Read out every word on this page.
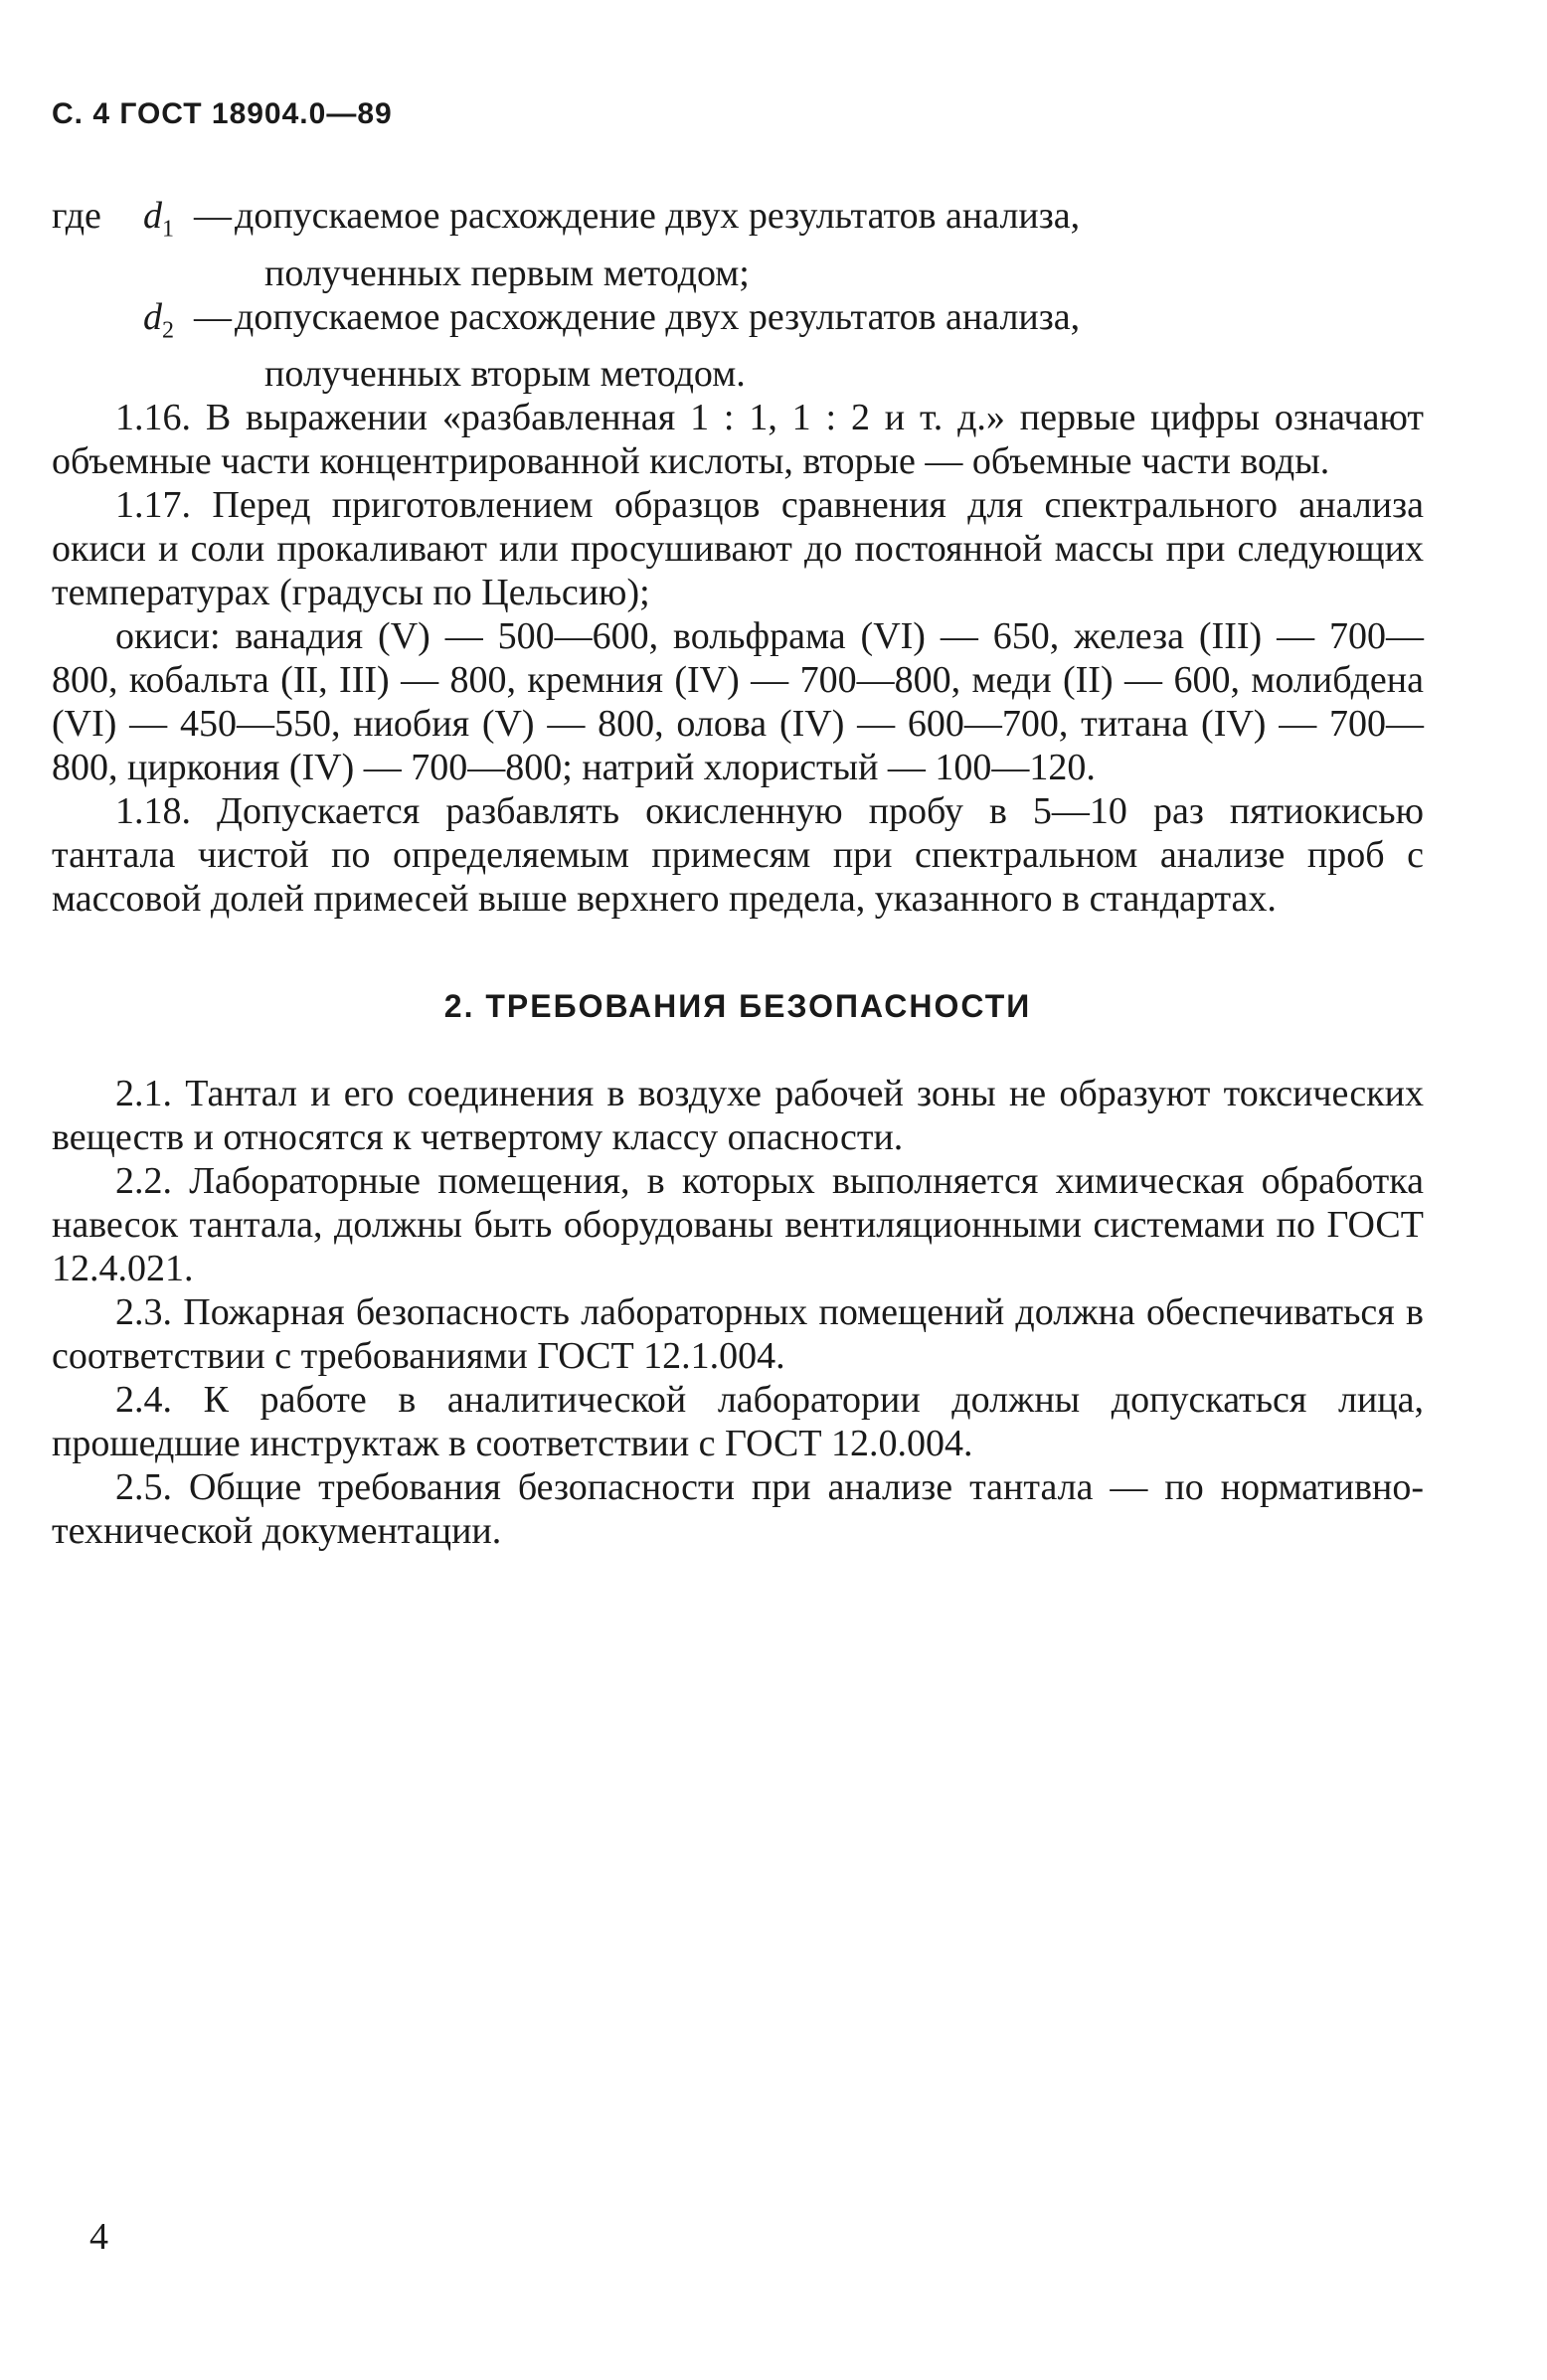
С. 4 ГОСТ 18904.0—89
где	$d_1$ — допускаемое расхождение двух результатов анализа,
полученных первым методом;
$d_2$ — допускаемое расхождение двух результатов анализа,
полученных вторым методом.

1.16. В выражении «разбавленная 1 : 1, 1 : 2 и т. д.» первые цифры означают объемные части концентрированной кислоты, вторые — объемные части воды.

1.17. Перед приготовлением образцов сравнения для спектрального анализа окиси и соли прокаливают или просушивают до постоянной массы при следующих температурах (градусы по Цельсию);

окиси: ванадия (V) — 500—600, вольфрама (VI) — 650, железа (III) — 700—800, кобальта (II, III) — 800, кремния (IV) — 700—800, меди (II) — 600, молибдена (VI) — 450—550, ниобия (V) — 800, олова (IV) — 600—700, титана (IV) — 700—800, циркония (IV) — 700—800; натрий хлористый — 100—120.

1.18. Допускается разбавлять окисленную пробу в 5—10 раз пятиокисью тантала чистой по определяемым примесям при спектральном анализе проб с массовой долей примесей выше верхнего предела, указанного в стандартах.

2. ТРЕБОВАНИЯ БЕЗОПАСНОСТИ

2.1. Тантал и его соединения в воздухе рабочей зоны не образуют токсических веществ и относятся к четвертому классу опасности.

2.2. Лабораторные помещения, в которых выполняется химическая обработка навесок тантала, должны быть оборудованы вентиляционными системами по ГОСТ 12.4.021.

2.3. Пожарная безопасность лабораторных помещений должна обеспечиваться в соответствии с требованиями ГОСТ 12.1.004.

2.4. К работе в аналитической лаборатории должны допускаться лица, прошедшие инструктаж в соответствии с ГОСТ 12.0.004.

2.5. Общие требования безопасности при анализе тантала — по нормативно-технической документации.

4
